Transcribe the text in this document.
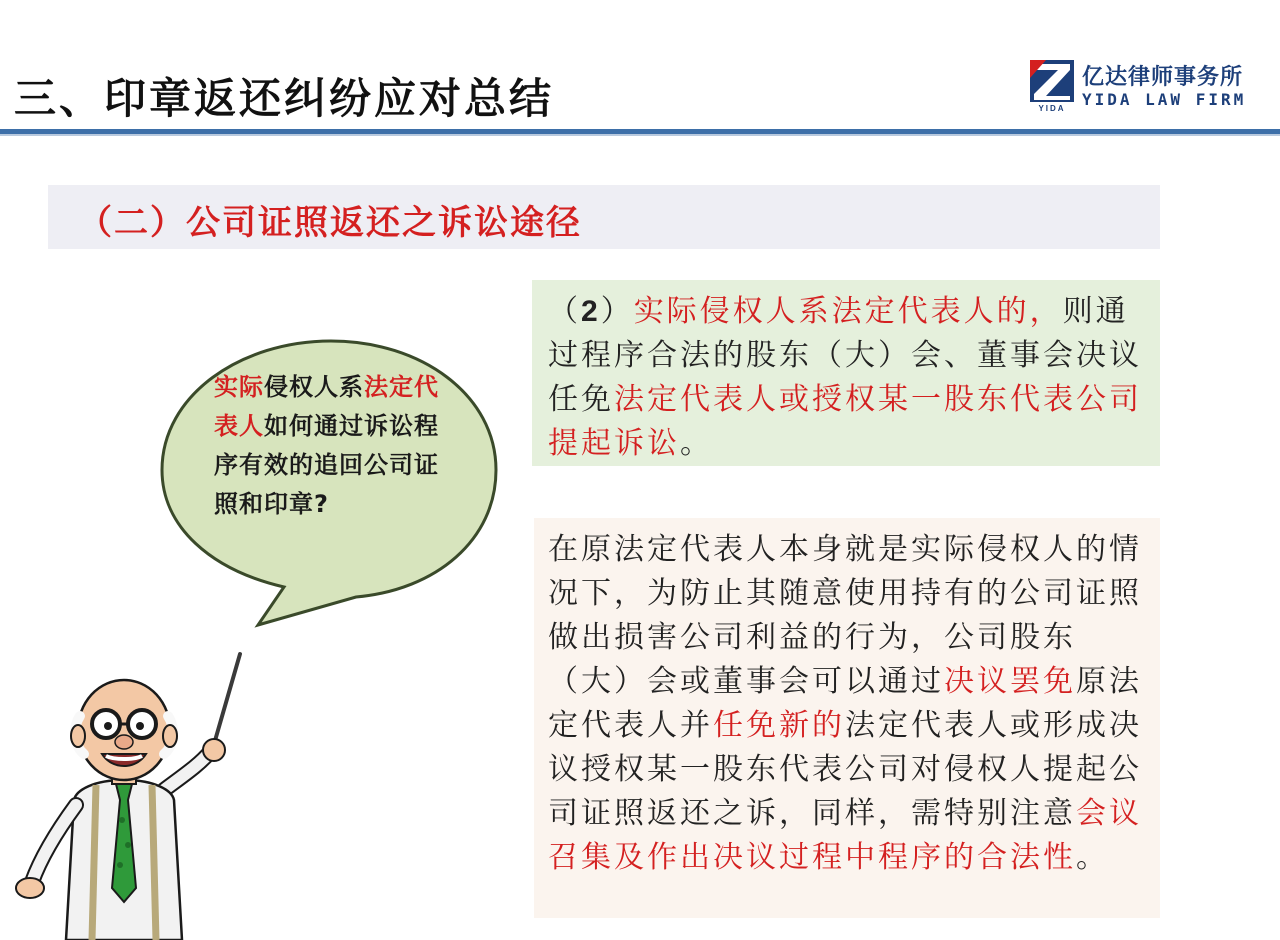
三、印章返还纠纷应对总结	YIDA
亿达律师事务所
YIDA LAW FIRM
（二）公司证照返还之诉讼途径
实际侵权人系法定代表人如何通过诉讼程序有效的追回公司证照和印章?
（2）实际侵权人系法定代表人的，则通过程序合法的股东（大）会、董事会决议任免法定代表人或授权某一股东代表公司提起诉讼。
在原法定代表人本身就是实际侵权人的情况下，为防止其随意使用持有的公司证照做出损害公司利益的行为，公司股东（大）会或董事会可以通过决议罢免原法定代表人并任免新的法定代表人或形成决议授权某一股东代表公司对侵权人提起公司证照返还之诉，同样，需特别注意会议召集及作出决议过程中程序的合法性。
